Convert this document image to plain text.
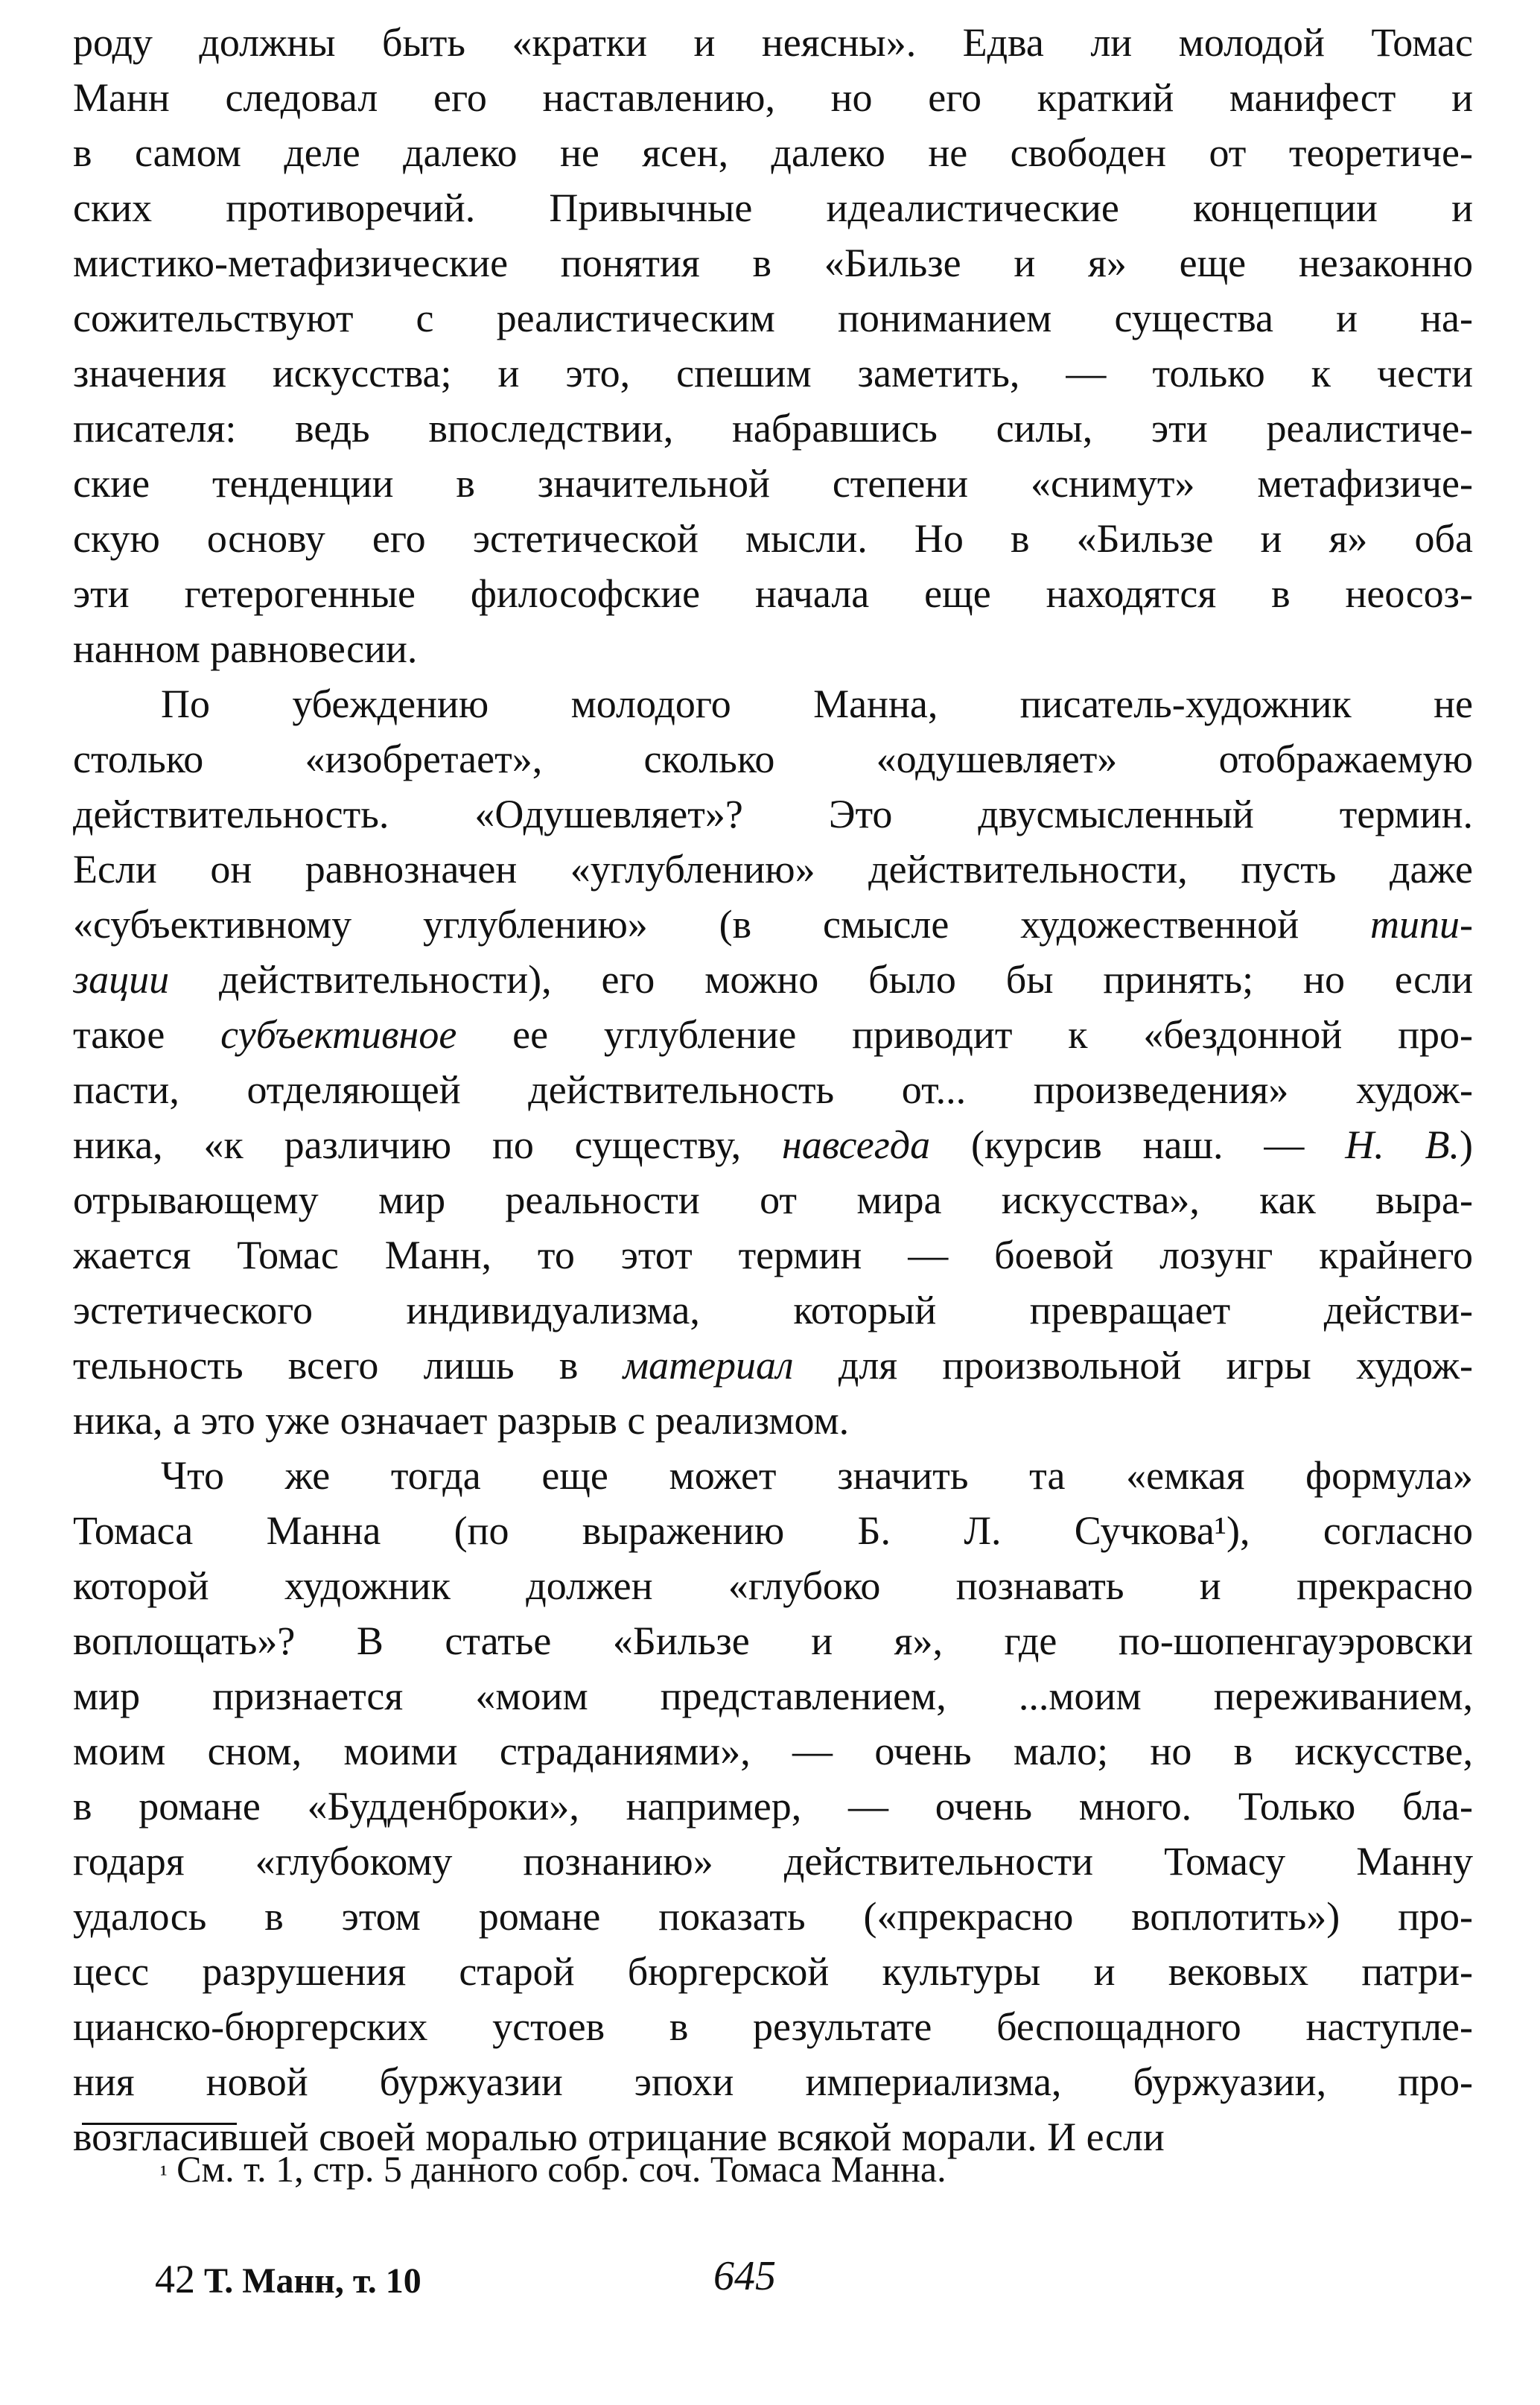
роду должны быть «кратки и неясны». Едва ли молодой Томас
Манн следовал его наставлению, но его краткий манифест и
в самом деле далеко не ясен, далеко не свободен от теоретиче-
ских противоречий. Привычные идеалистические концепции и
мистико-метафизические понятия в «Бильзе и я» еще незаконно
сожительствуют с реалистическим пониманием существа и на-
значения искусства; и это, спешим заметить, — только к чести
писателя: ведь впоследствии, набравшись силы, эти реалистиче-
ские тенденции в значительной степени «снимут» метафизиче-
скую основу его эстетической мысли. Но в «Бильзе и я» оба
эти гетерогенные философские начала еще находятся в неосоз-
нанном равновесии.
По убеждению молодого Манна, писатель-художник не
столько «изобретает», сколько «одушевляет» отображаемую
действительность. «Одушевляет»? Это двусмысленный термин.
Если он равнозначен «углублению» действительности, пусть даже
«субъективному углублению» (в смысле художественной типи-
зации действительности), его можно было бы принять; но если
такое субъективное ее углубление приводит к «бездонной про-
пасти, отделяющей действительность от... произведения» худож-
ника, «к различию по существу, навсегда (курсив наш. — Н. В.)
отрывающему мир реальности от мира искусства», как выра-
жается Томас Манн, то этот термин — боевой лозунг крайнего
эстетического индивидуализма, который превращает действи-
тельность всего лишь в материал для произвольной игры худож-
ника, а это уже означает разрыв с реализмом.
Что же тогда еще может значить та «емкая формула»
Томаса Манна (по выражению Б. Л. Сучкова¹), согласно
которой художник должен «глубоко познавать и прекрасно
воплощать»? В статье «Бильзе и я», где по-шопенгауэровски
мир признается «моим представлением, ...моим переживанием,
моим сном, моими страданиями», — очень мало; но в искусстве,
в романе «Будденброки», например, — очень много. Только бла-
годаря «глубокому познанию» действительности Томасу Манну
удалось в этом романе показать («прекрасно воплотить») про-
цесс разрушения старой бюргерской культуры и вековых патри-
цианско-бюргерских устоев в результате беспощадного наступле-
ния новой буржуазии эпохи империализма, буржуазии, про-
возгласившей своей моралью отрицание всякой морали. И если
$^{^1}$ См. т. 1, стр. 5 данного собр. соч. Томаса Манна.
42 Т. Манн, т. 10	645
